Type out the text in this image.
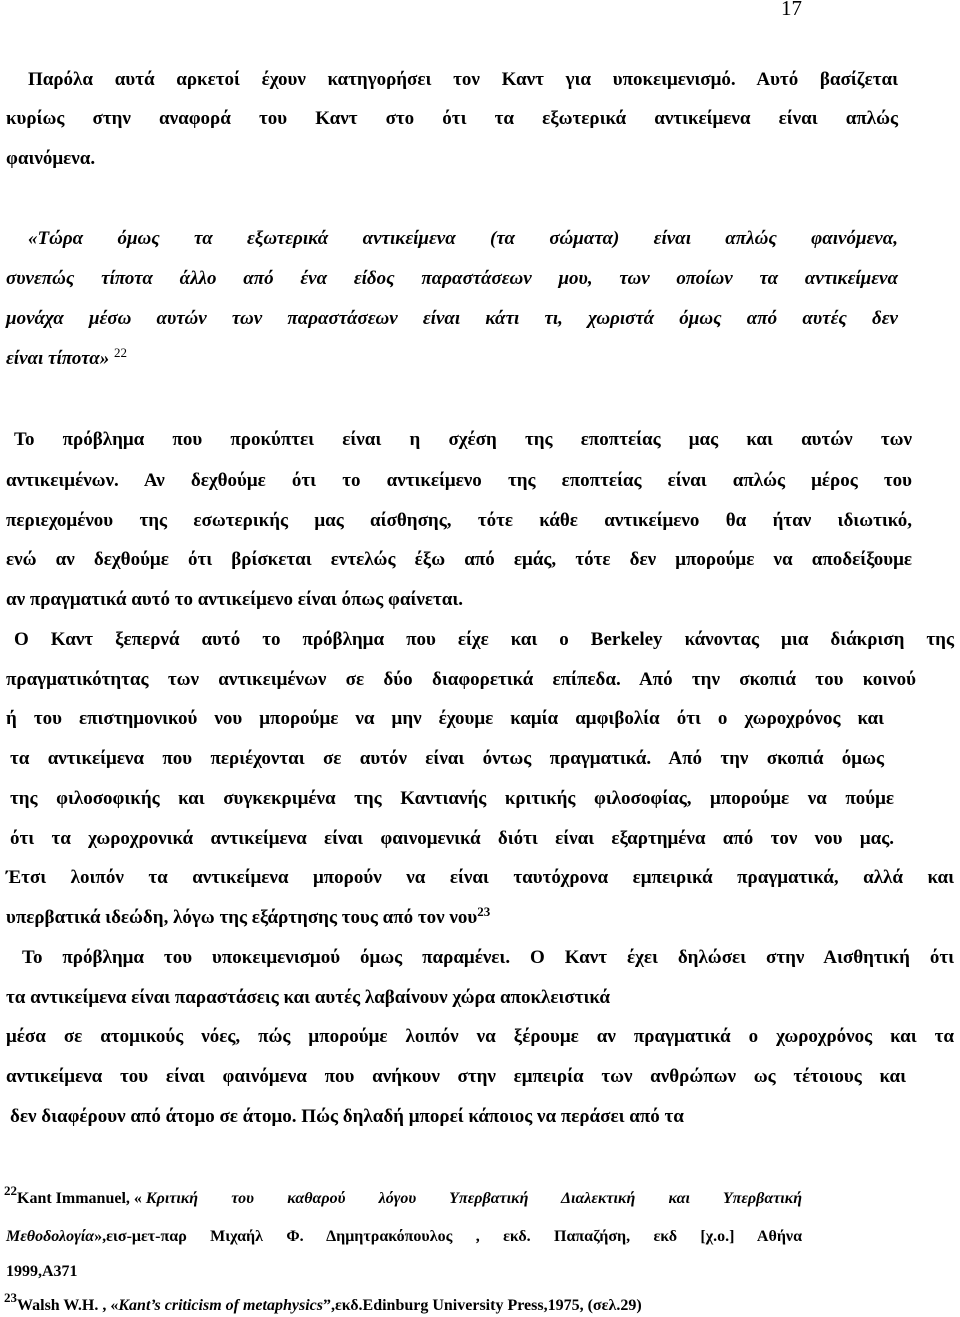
17
Παρόλα αυτά αρκετοί έχουν κατηγορήσει τον Καντ για υποκειμενισμό. Αυτό βασίζεται
κυρίως στην αναφορά του Καντ στο ότι τα εξωτερικά αντικείμενα είναι απλώς
φαινόμενα.
«Τώρα όμως τα εξωτερικά αντικείμενα (τα σώματα) είναι απλώς φαινόμενα,
συνεπώς τίποτα άλλο από ένα είδος παραστάσεων μου, των οποίων τα αντικείμενα
μονάχα μέσω αυτών των παραστάσεων είναι κάτι τι, χωριστά όμως από αυτές δεν
είναι τίποτα» $^{22}$
Το πρόβλημα που προκύπτει είναι η σχέση της εποπτείας μας και αυτών των
αντικειμένων. Αν δεχθούμε ότι το αντικείμενο της εποπτείας είναι απλώς μέρος του
περιεχομένου της εσωτερικής μας αίσθησης, τότε κάθε αντικείμενο θα ήταν ιδιωτικό,
ενώ αν δεχθούμε ότι βρίσκεται εντελώς έξω από εμάς, τότε δεν μπορούμε να αποδείξουμε
αν πραγματικά αυτό το αντικείμενο είναι όπως φαίνεται.
Ο Καντ ξεπερνά αυτό το πρόβλημα που είχε και ο Berkeley κάνοντας μια διάκριση της
πραγματικότητας των αντικειμένων σε δύο διαφορετικά επίπεδα. Από την σκοπιά του κοινού
ή του επιστημονικού νου μπορούμε να μην έχουμε καμία αμφιβολία ότι ο χωροχρόνος και
τα αντικείμενα που περιέχονται σε αυτόν είναι όντως πραγματικά. Από την σκοπιά όμως
της φιλοσοφικής και συγκεκριμένα της Καντιανής κριτικής φιλοσοφίας, μπορούμε να πούμε
ότι τα χωροχρονικά αντικείμενα είναι φαινομενικά διότι είναι εξαρτημένα από τον νου μας.
Έτσι λοιπόν τα αντικείμενα μπορούν να είναι ταυτόχρονα εμπειρικά πραγματικά, αλλά και
υπερβατικά ιδεώδη, λόγω της εξάρτησης τους από τον νου$^{23}$
Το πρόβλημα του υποκειμενισμού όμως παραμένει. Ο Καντ έχει δηλώσει στην Αισθητική ότι
τα αντικείμενα είναι παραστάσεις και αυτές λαβαίνουν χώρα αποκλειστικά
μέσα σε ατομικούς νόες, πώς μπορούμε λοιπόν να ξέρουμε αν πραγματικά ο χωροχρόνος και τα
αντικείμενα του είναι φαινόμενα που ανήκουν στην εμπειρία των ανθρώπων ως τέτοιους και
δεν διαφέρουν από άτομο σε άτομο. Πώς δηλαδή μπορεί κάποιος να περάσει από τα
$^{22}$Kant Immanuel, « Κριτική του καθαρού λόγου Υπερβατική Διαλεκτική και Υπερβατική
Μεθοδολογία »,εισ-μετ-παρ Μιχαήλ Φ. Δημητρακόπουλος , εκδ. Παπαζήση, εκδ [χ.ο.] Αθήνα
1999,Α371
$^{23}$Walsh W.H. , «Kant’s criticism of metaphysics”,εκδ.Edinburg University Press,1975, (σελ.29)
